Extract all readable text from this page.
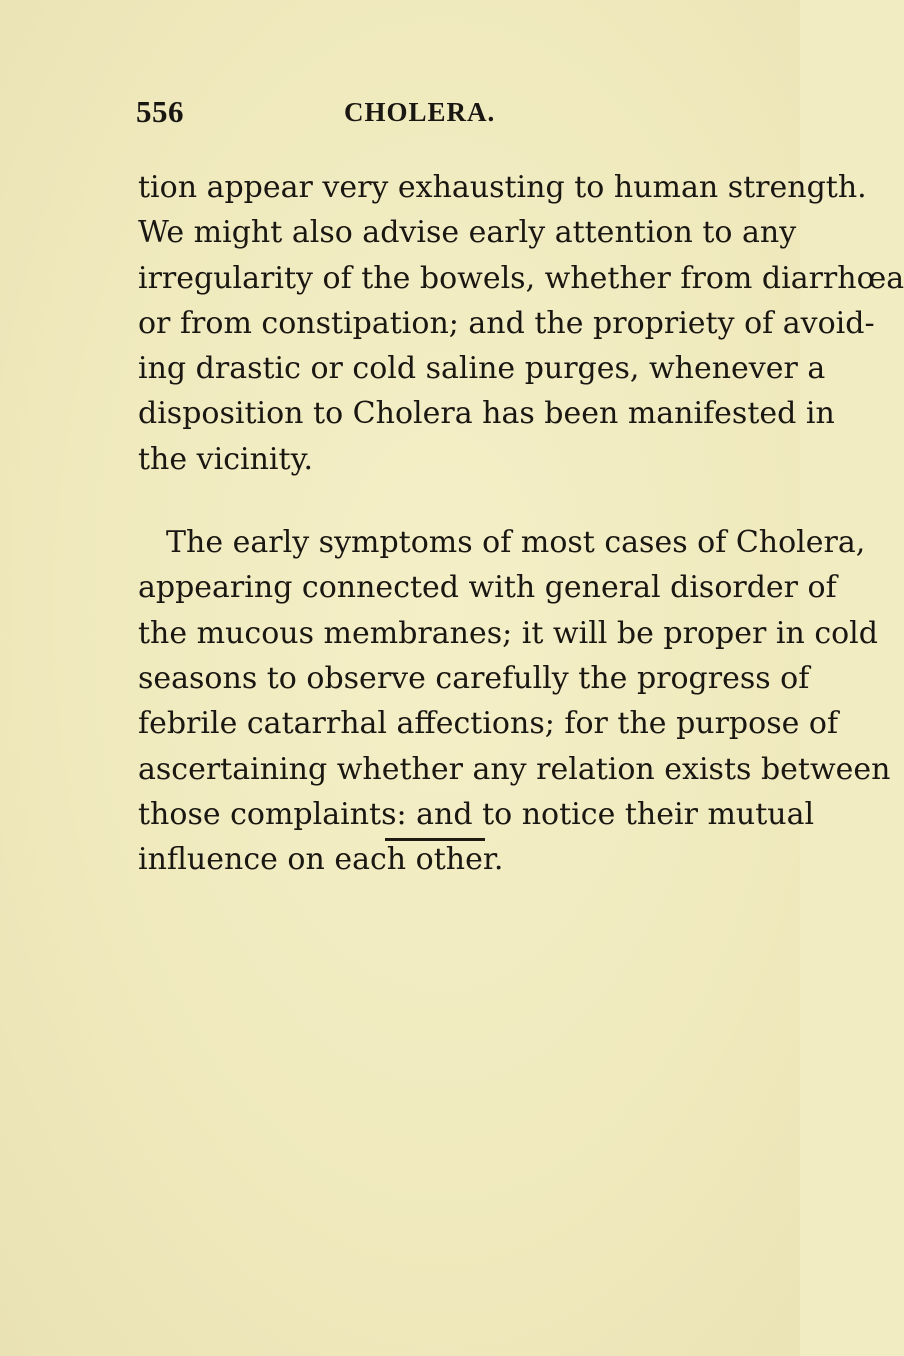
556	CHOLERA.

tion appear very exhausting to human strength.
We might also advise early attention to any
irregularity of the bowels, whether from diarrhœa
or from constipation; and the propriety of avoid-
ing drastic or cold saline purges, whenever a
disposition to Cholera has been manifested in
the vicinity.

The early symptoms of most cases of Cholera,
appearing connected with general disorder of
the mucous membranes; it will be proper in cold
seasons to observe carefully the progress of
febrile catarrhal affections; for the purpose of
ascertaining whether any relation exists between
those complaints: and to notice their mutual
influence on each other.
